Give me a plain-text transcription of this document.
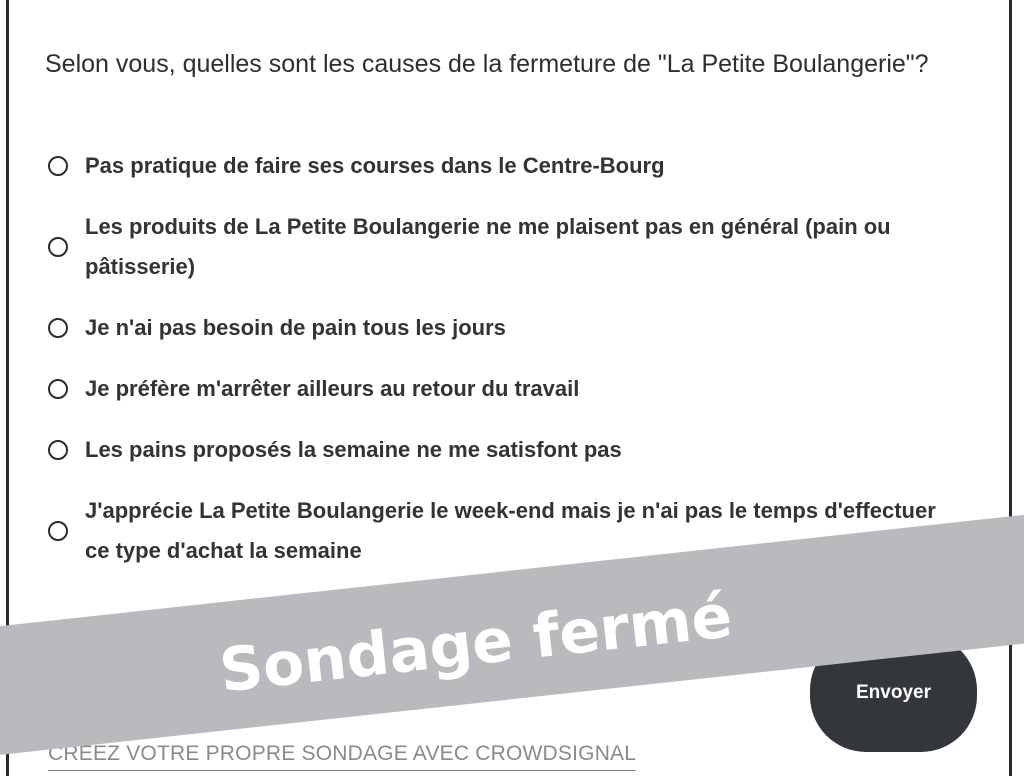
Selon vous, quelles sont les causes de la fermeture de "La Petite Boulangerie"?

Pas pratique de faire ses courses dans le Centre-Bourg
Les produits de La Petite Boulangerie ne me plaisent pas en général (pain ou pâtisserie)
Je n'ai pas besoin de pain tous les jours
Je préfère m'arrêter ailleurs au retour du travail
Les pains proposés la semaine ne me satisfont pas
J'apprécie La Petite Boulangerie le week-end mais je n'ai pas le temps d'effectuer ce type d'achat la semaine
Envoyer
CRÉEZ VOTRE PROPRE SONDAGE AVEC CROWDSIGNAL
Sondage fermé
